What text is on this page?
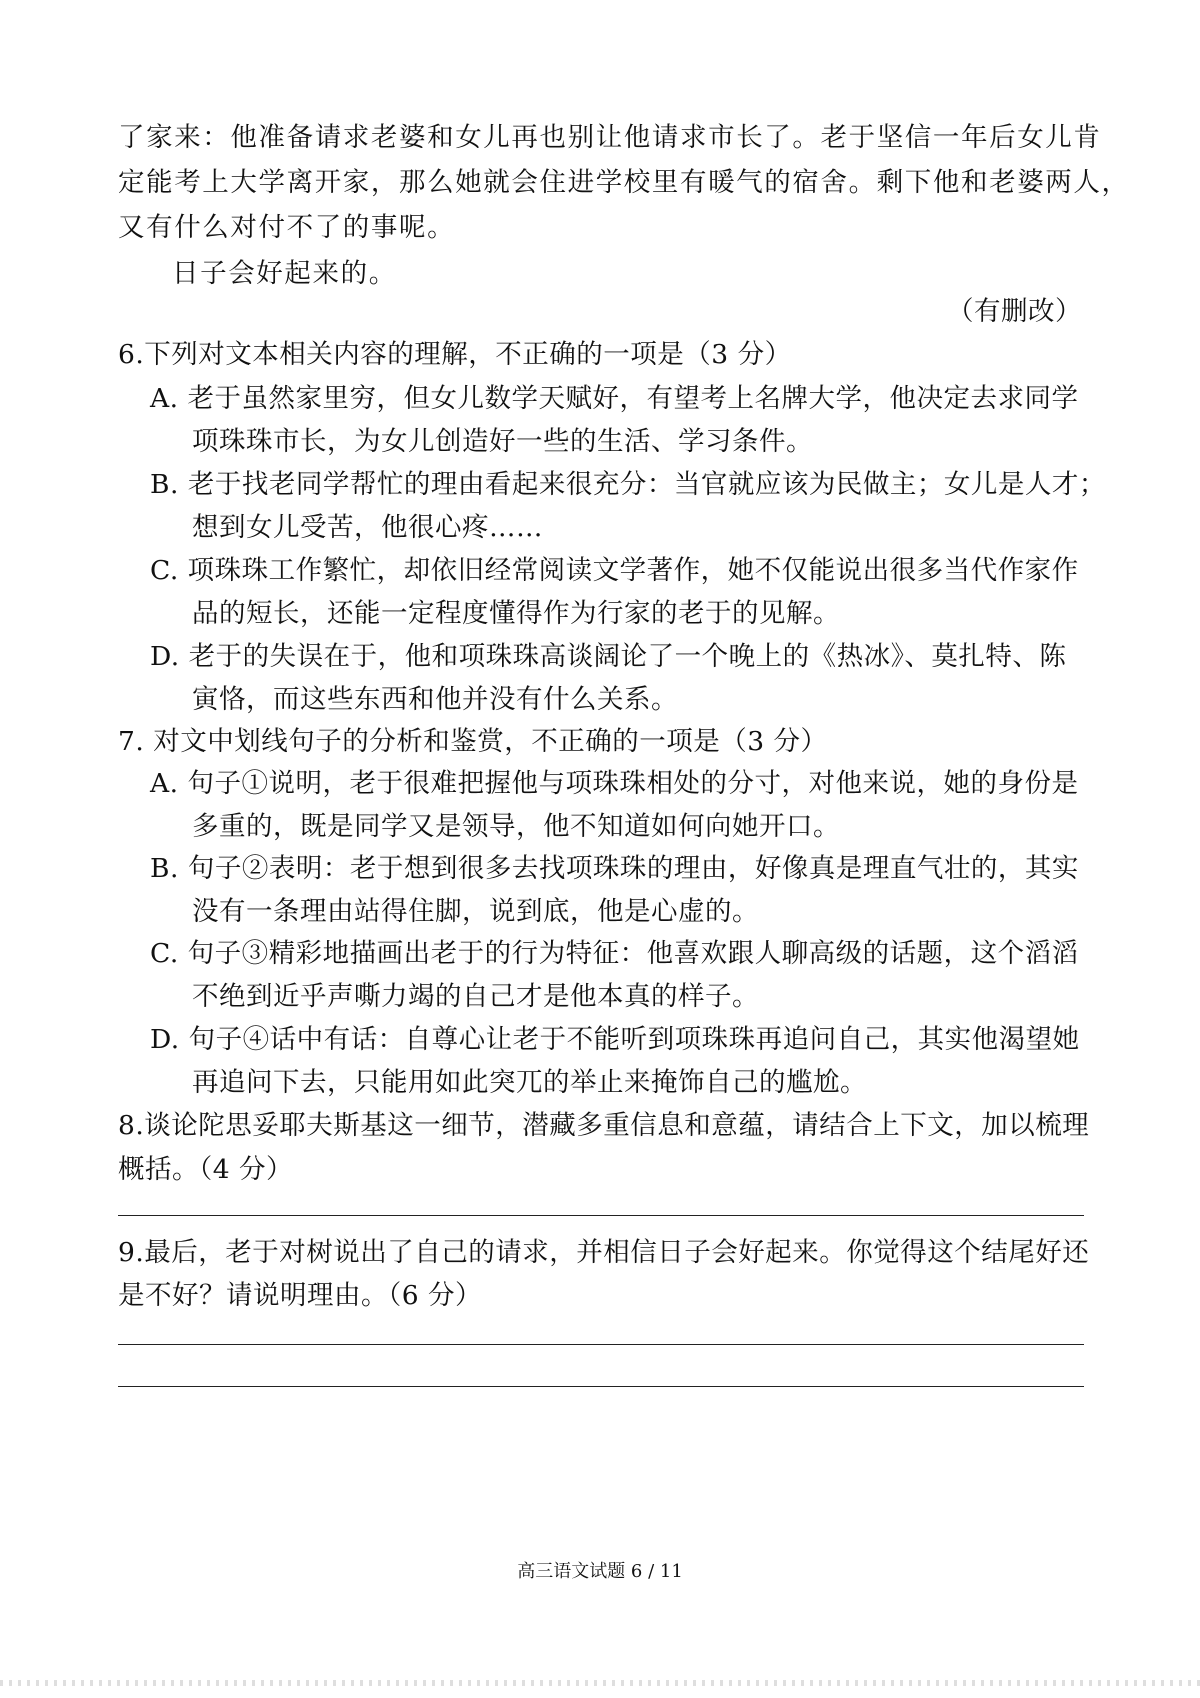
了家来：他准备请求老婆和女儿再也别让他请求市长了。老于坚信一年后女儿肯
定能考上大学离开家，那么她就会住进学校里有暖气的宿舍。剩下他和老婆两人，
又有什么对付不了的事呢。
日子会好起来的。
（有删改）
6.下列对文本相关内容的理解，不正确的一项是（3 分）
A. 老于虽然家里穷，但女儿数学天赋好，有望考上名牌大学，他决定去求同学
项珠珠市长，为女儿创造好一些的生活、学习条件。
B. 老于找老同学帮忙的理由看起来很充分：当官就应该为民做主；女儿是人才；
想到女儿受苦，他很心疼……
C. 项珠珠工作繁忙，却依旧经常阅读文学著作，她不仅能说出很多当代作家作
品的短长，还能一定程度懂得作为行家的老于的见解。
D. 老于的失误在于，他和项珠珠高谈阔论了一个晚上的《热冰》、莫扎特、陈
寅恪，而这些东西和他并没有什么关系。
7. 对文中划线句子的分析和鉴赏，不正确的一项是（3 分）
A. 句子①说明，老于很难把握他与项珠珠相处的分寸，对他来说，她的身份是
多重的，既是同学又是领导，他不知道如何向她开口。
B. 句子②表明：老于想到很多去找项珠珠的理由，好像真是理直气壮的，其实
没有一条理由站得住脚，说到底，他是心虚的。
C. 句子③精彩地描画出老于的行为特征：他喜欢跟人聊高级的话题，这个滔滔
不绝到近乎声嘶力竭的自己才是他本真的样子。
D. 句子④话中有话：自尊心让老于不能听到项珠珠再追问自己，其实他渴望她
再追问下去，只能用如此突兀的举止来掩饰自己的尴尬。
8.谈论陀思妥耶夫斯基这一细节，潜藏多重信息和意蕴，请结合上下文，加以梳理
概括。（4 分）
9.最后，老于对树说出了自己的请求，并相信日子会好起来。你觉得这个结尾好还
是不好？请说明理由。（6 分）
高三语文试题 6 / 11
